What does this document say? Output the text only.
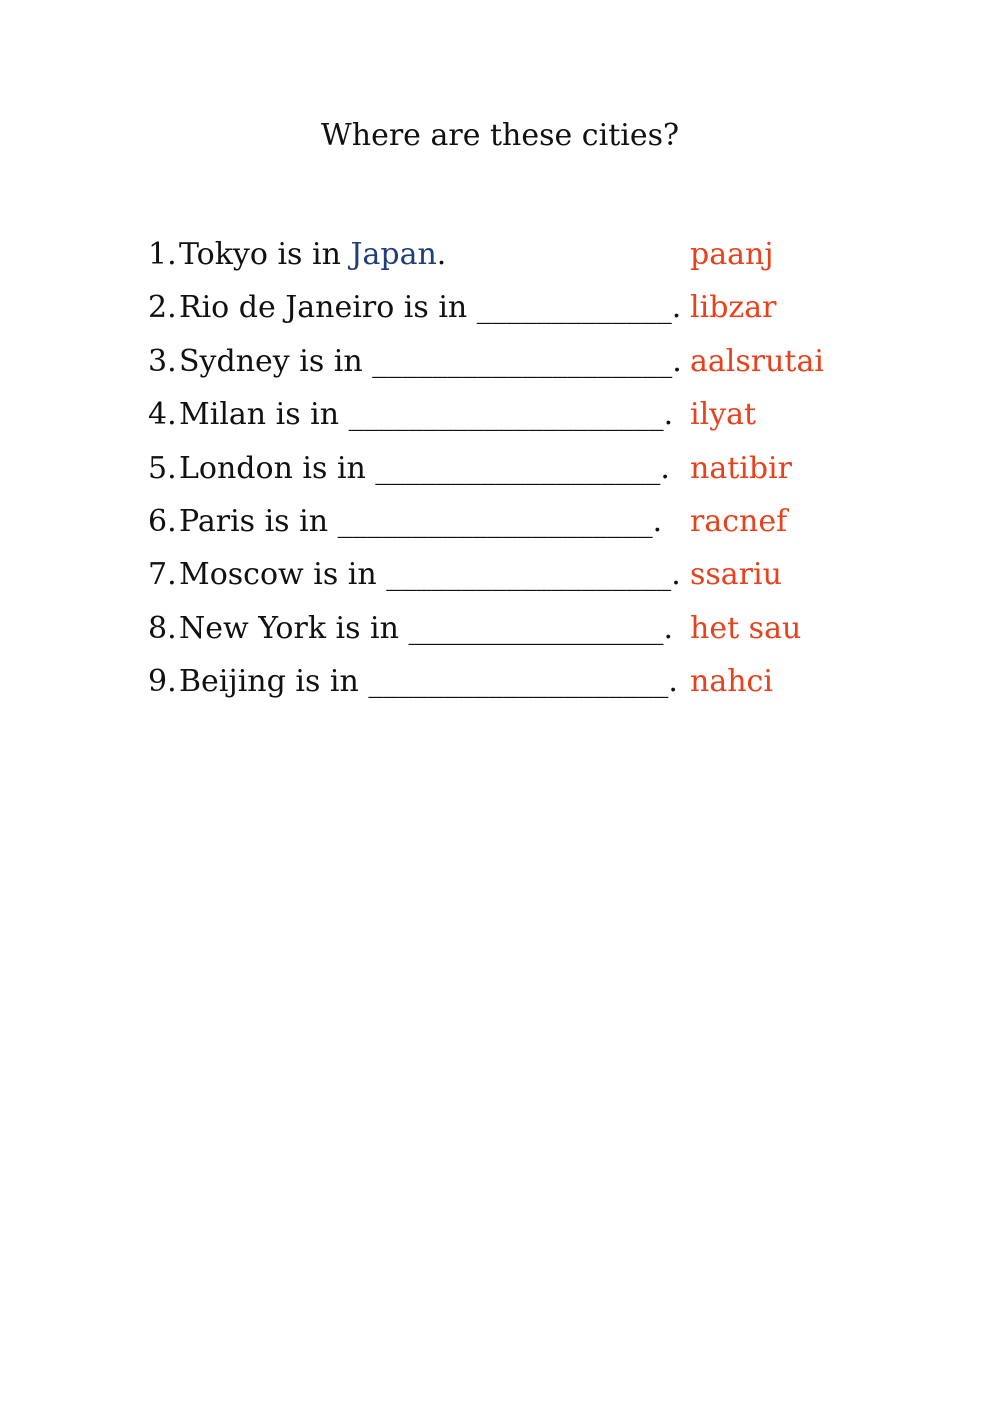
Where are these cities?
1. Tokyo is in Japan.	paanj
2. Rio de Janeiro is in _____________. libzar
3. Sydney is in ____________________. aalsrutai
4. Milan is in _____________________. ilyat
5. London is in ___________________. natibir
6. Paris is in _____________________. racnef
7. Moscow is in ___________________. ssariu
8. New York is in _________________. het sau
9. Beijing is in ____________________. nahci
